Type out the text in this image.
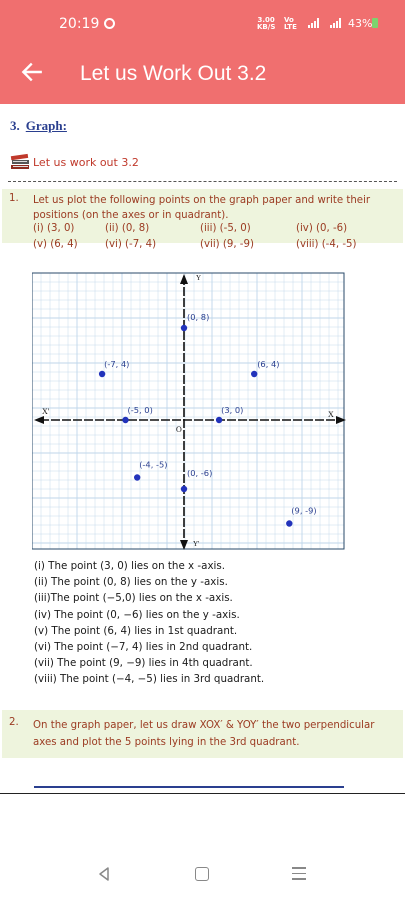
20:19	3.00
KB/S
Vo
LTE	43%
Let us Work Out 3.2
3. Graph:
Let us work out 3.2
1. Let us plot the following points on the graph paper and write their positions (on the axes or in quadrant).
(i) (3, 0)	(ii) (0, 8)	(iii) (-5, 0)	(iv) (0, -6)
(v) (6, 4)	(vi) (-7, 4)	(vii) (9, -9)	(viii) (-4, -5)
X'	X
Y
Y'
O
(3, 0)
(0, 8)
(-5, 0)
(0, -6)
(6, 4)
(-7, 4)
(9, -9)
(-4, -5)
(i) The point (3, 0) lies on the x -axis.
(ii) The point (0, 8) lies on the y -axis.
(iii)The point (−5,0) lies on the x -axis.
(iv) The point (0, −6) lies on the y -axis.
(v) The point (6, 4) lies in 1st quadrant.
(vi) The point (−7, 4) lies in 2nd quadrant.
(vii) The point (9, −9) lies in 4th quadrant.
(viii) The point (−4, −5) lies in 3rd quadrant.
2. On the graph paper, let us draw XOX′ & YOY′ the two perpendicular axes and plot the 5 points lying in the 3rd quadrant.
